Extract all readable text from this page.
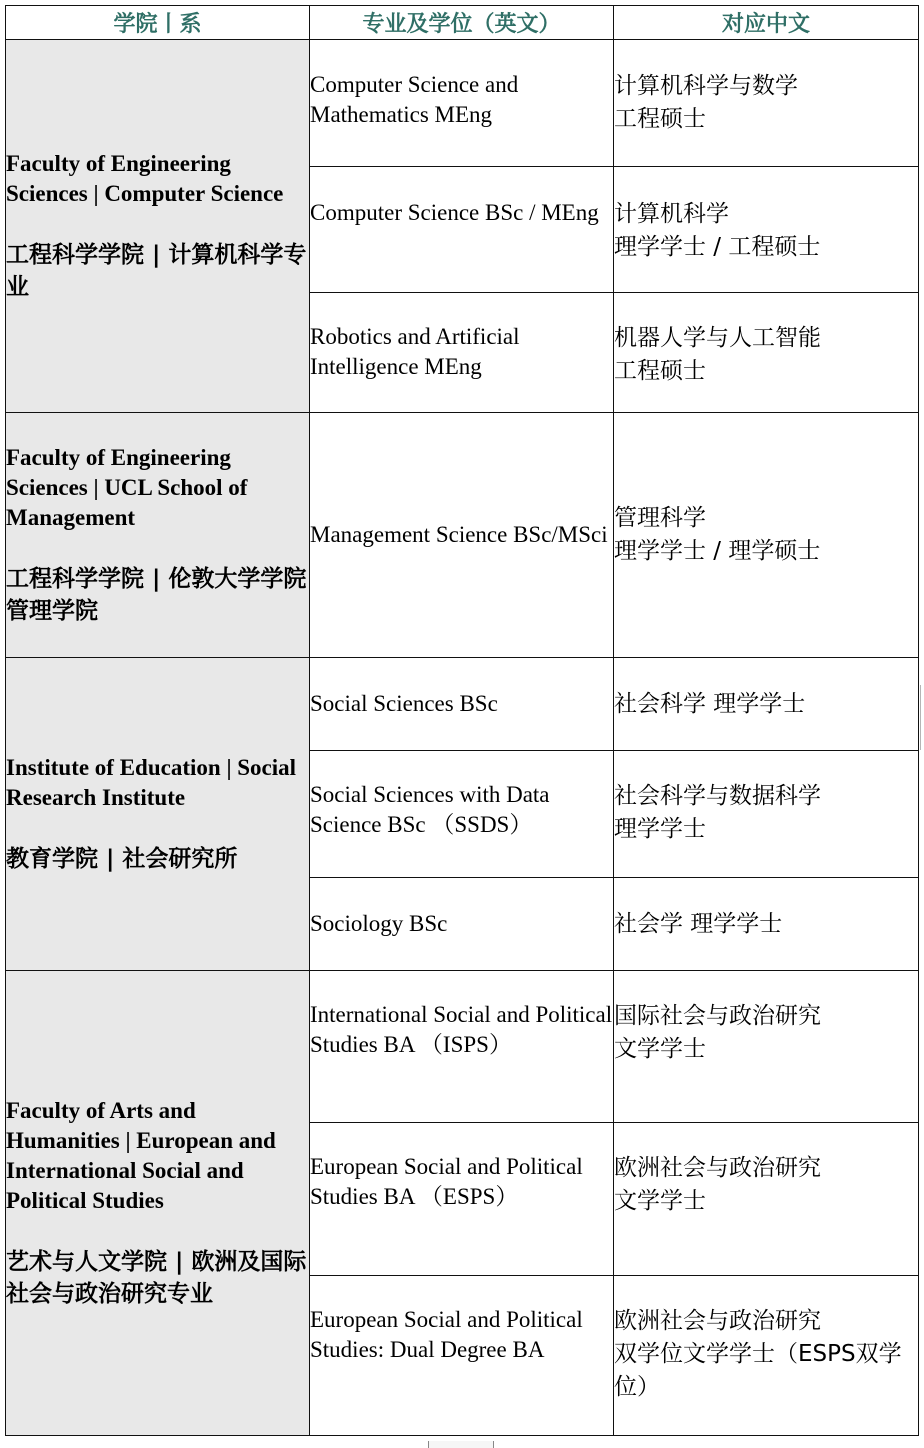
学院丨系	专业及学位（英文）	对应中文

Faculty of Engineering Sciences | Computer Science
工程科学学院 | 计算机科学专业	Computer Science and Mathematics MEng	计算机科学与数学
工程硕士

	Computer Science BSc / MEng	计算机科学
理学学士 / 工程硕士

	Robotics and Artificial Intelligence MEng	机器人学与人工智能
工程硕士

Faculty of Engineering Sciences | UCL School of Management
工程科学学院 | 伦敦大学学院管理学院	Management Science BSc/MSci	管理科学
理学学士 / 理学硕士

Institute of Education | Social Research Institute
教育学院 | 社会研究所	Social Sciences BSc	社会科学 理学学士

	Social Sciences with Data Science BSc （SSDS）	社会科学与数据科学
理学学士

	Sociology BSc	社会学 理学学士

Faculty of Arts and Humanities | European and International Social and Political Studies
艺术与人文学院 | 欧洲及国际社会与政治研究专业	International Social and Political Studies BA （ISPS）	国际社会与政治研究
文学学士

	European Social and Political Studies BA （ESPS）	欧洲社会与政治研究
文学学士

	European Social and Political Studies: Dual Degree BA	欧洲社会与政治研究
双学位文学学士（ESPS双学位）
